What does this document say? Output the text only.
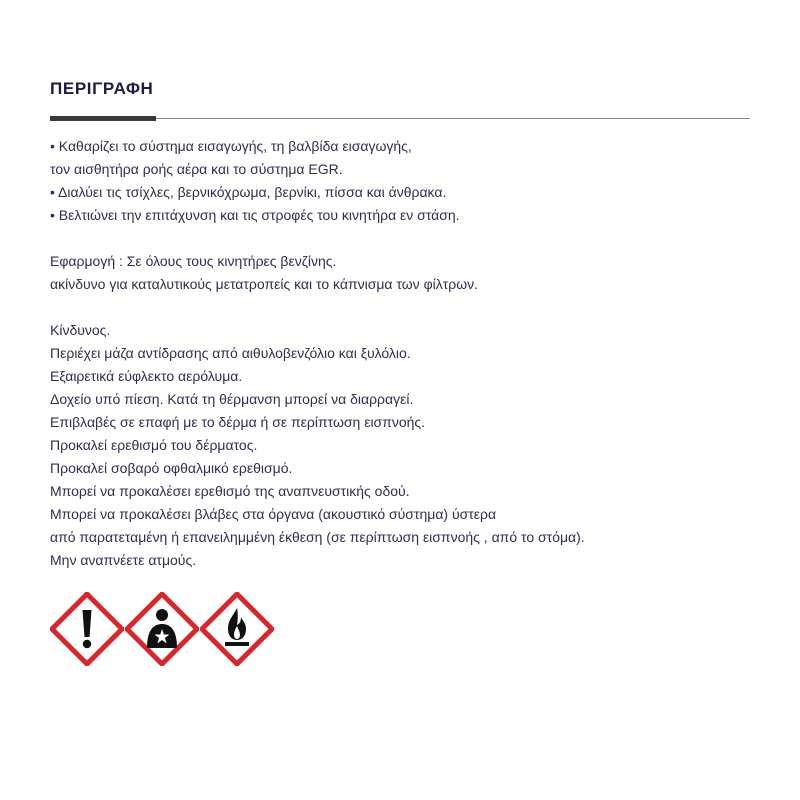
ΠΕΡΙΓΡΑΦΗ
• Καθαρίζει το σύστημα εισαγωγής, τη βαλβίδα εισαγωγής,
τον αισθητήρα ροής αέρα και το σύστημα EGR.
• Διαλύει τις τσίχλες, βερνικόχρωμα, βερνίκι, πίσσα και άνθρακα.
• Βελτιώνει την επιτάχυνση και τις στροφές του κινητήρα εν στάση.
Εφαρμογή : Σε όλους τους κινητήρες βενζίνης.
ακίνδυνο για καταλυτικούς μετατροπείς και το κάπνισμα των φίλτρων.
Κίνδυνος.
Περιέχει μάζα αντίδρασης από αιθυλοβενζόλιο και ξυλόλιο.
Εξαιρετικά εύφλεκτο αερόλυμα.
Δοχείο υπό πίεση. Κατά τη θέρμανση μπορεί να διαρραγεί.
Επιβλαβές σε επαφή με το δέρμα ή σε περίπτωση εισπνοής.
Προκαλεί ερεθισμό του δέρματος.
Προκαλεί σοβαρό οφθαλμικό ερεθισμό.
Μπορεί να προκαλέσει ερεθισμό της αναπνευστικής οδού.
Μπορεί να προκαλέσει βλάβες στα όργανα (ακουστικό σύστημα) ύστερα
από παρατεταμένη ή επανειλημμένη έκθεση (σε περίπτωση εισπνοής , από το στόμα).
Μην αναπνέετε ατμούς.
